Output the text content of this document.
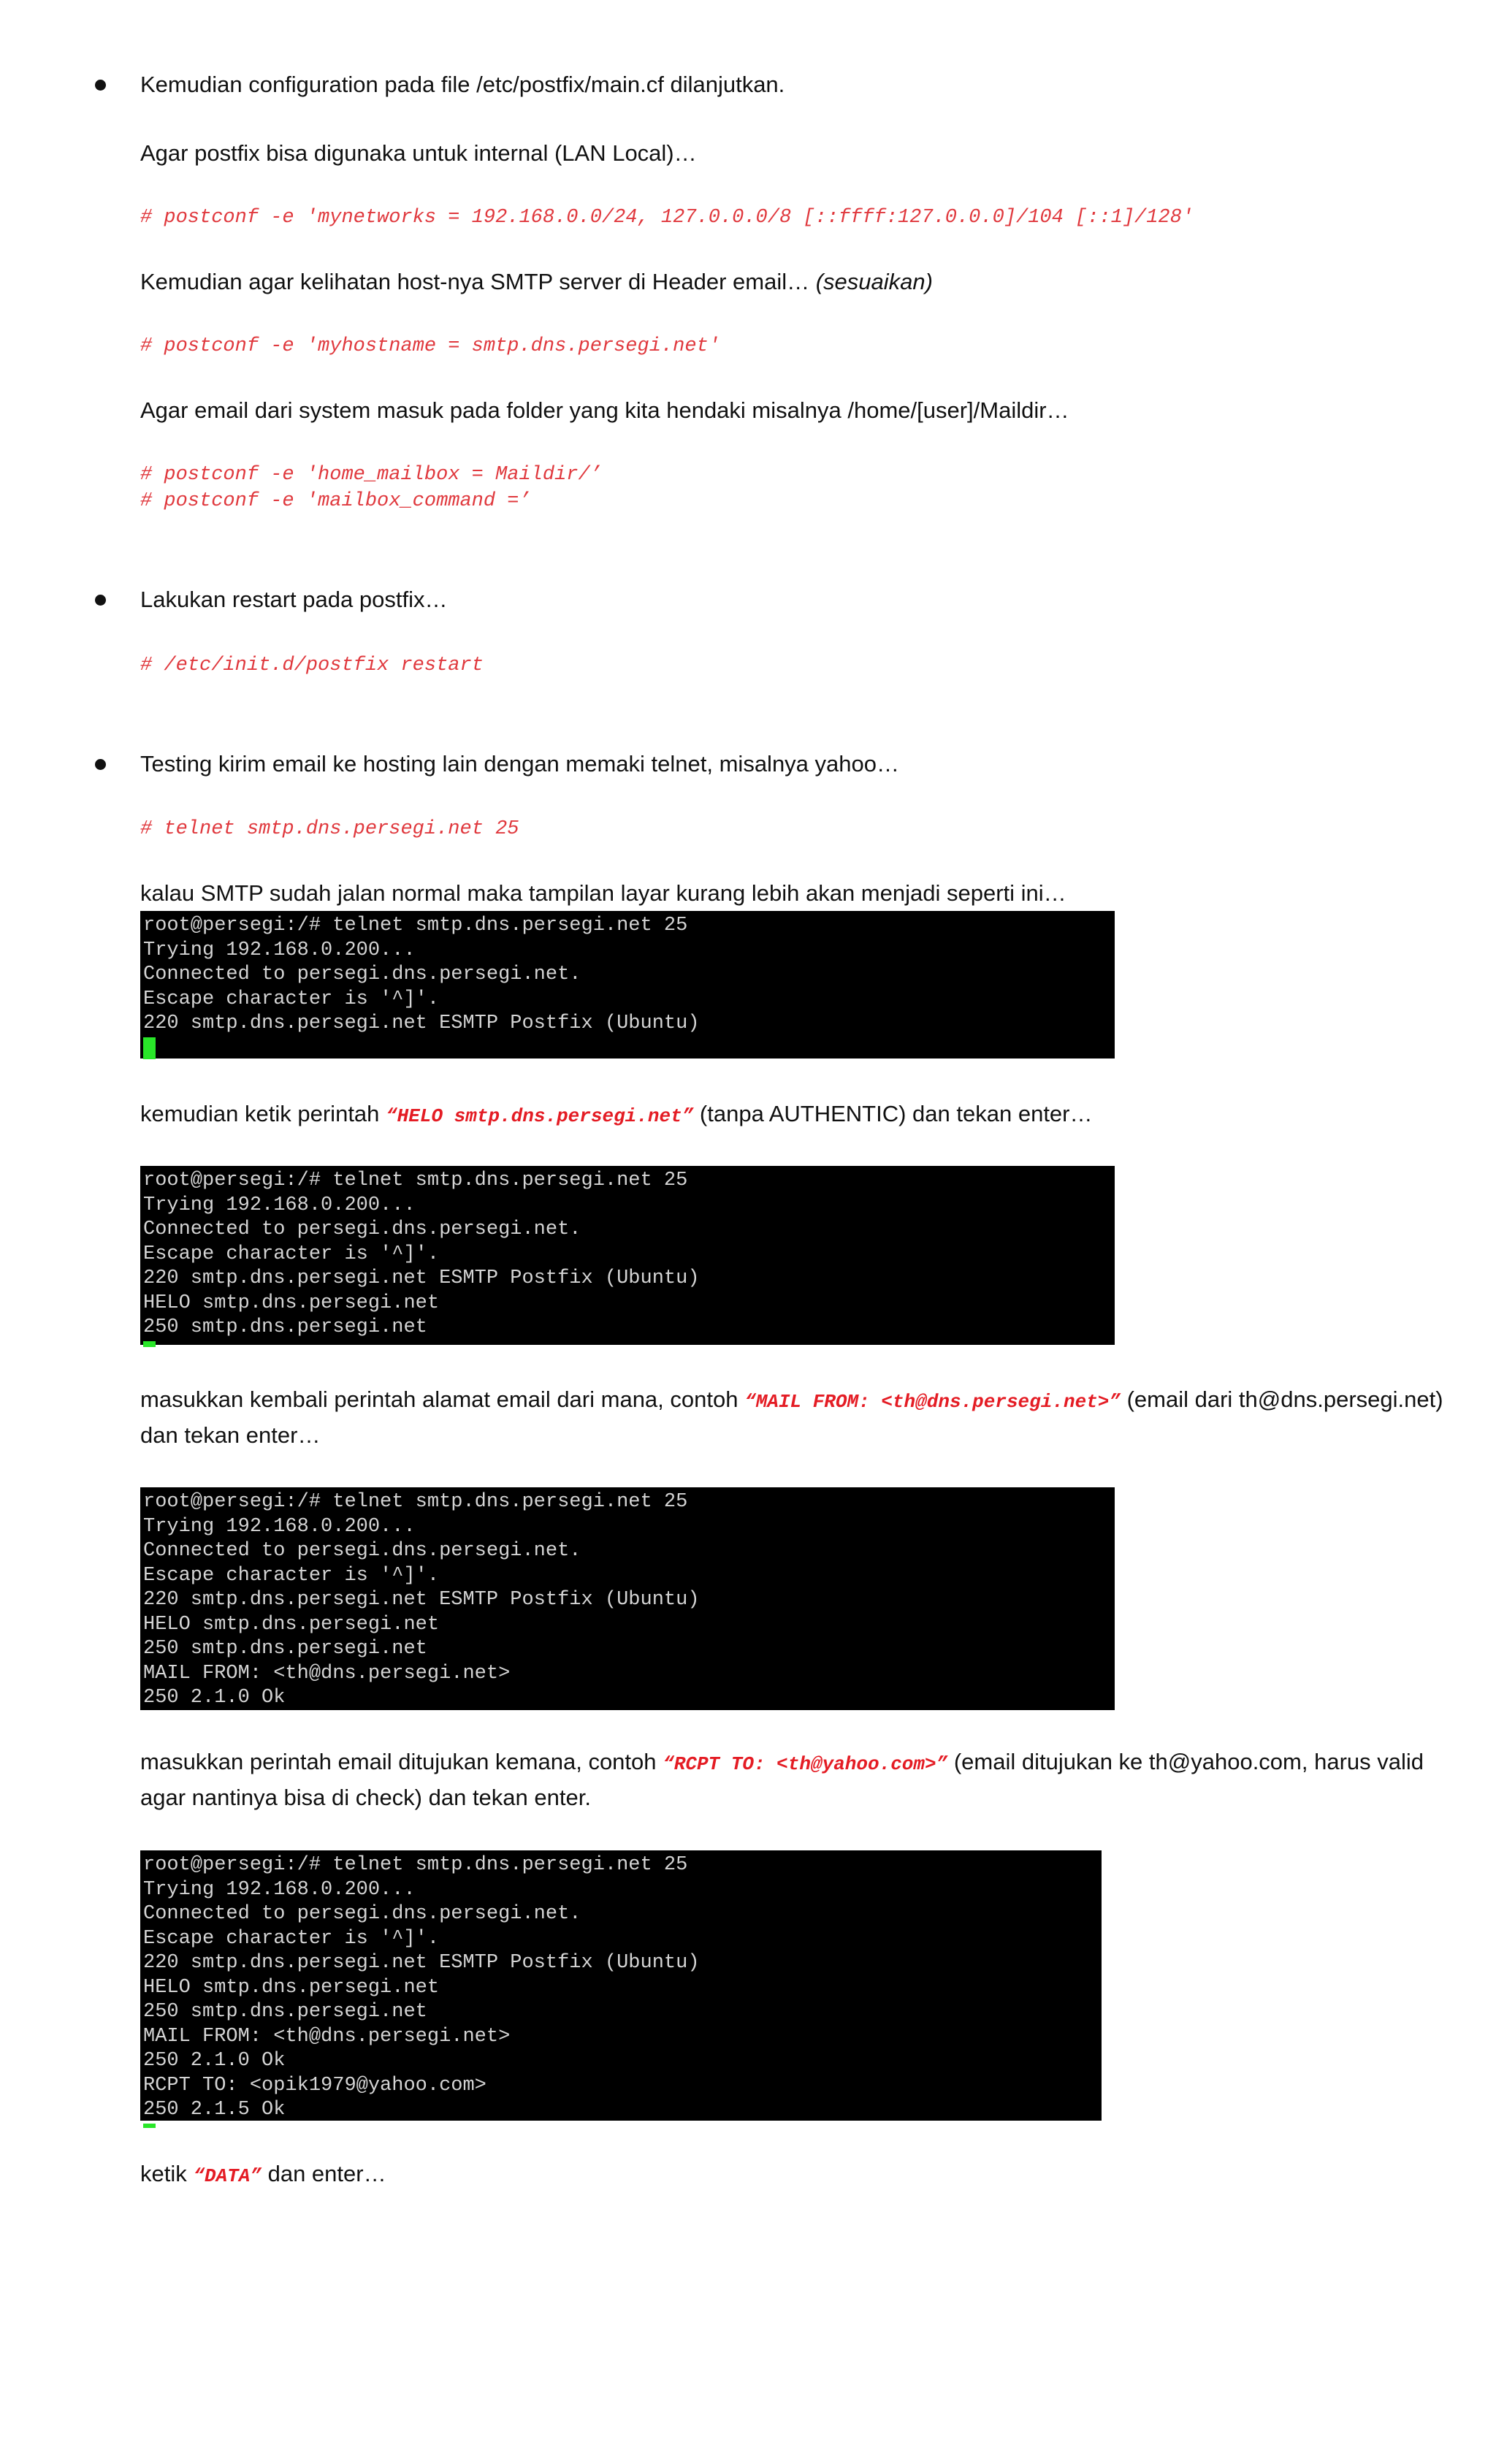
Kemudian configuration pada file /etc/postfix/main.cf dilanjutkan.

Agar postfix bisa digunaka untuk internal (LAN Local)…

# postconf -e 'mynetworks = 192.168.0.0/24, 127.0.0.0/8 [::ffff:127.0.0.0]/104 [::1]/128'

Kemudian agar kelihatan host-nya SMTP server di Header email… (sesuaikan)

# postconf -e 'myhostname = smtp.dns.persegi.net'

Agar email dari system masuk pada folder yang kita hendaki misalnya /home/[user]/Maildir…

# postconf -e 'home_mailbox = Maildir/’

# postconf -e 'mailbox_command =’

Lakukan restart pada postfix…

# /etc/init.d/postfix restart

Testing kirim email ke hosting lain dengan memaki telnet, misalnya yahoo…

# telnet smtp.dns.persegi.net 25

kalau SMTP sudah jalan normal maka tampilan layar kurang lebih akan menjadi seperti ini…

root@persegi:/# telnet smtp.dns.persegi.net 25
Trying 192.168.0.200...
Connected to persegi.dns.persegi.net.
Escape character is '^]'.
220 smtp.dns.persegi.net ESMTP Postfix (Ubuntu)

kemudian ketik perintah “HELO smtp.dns.persegi.net” (tanpa AUTHENTIC) dan tekan enter…

root@persegi:/# telnet smtp.dns.persegi.net 25
Trying 192.168.0.200...
Connected to persegi.dns.persegi.net.
Escape character is '^]'.
220 smtp.dns.persegi.net ESMTP Postfix (Ubuntu)
HELO smtp.dns.persegi.net
250 smtp.dns.persegi.net

masukkan kembali perintah alamat email dari mana, contoh “MAIL FROM: <th@dns.persegi.net>” (email dari th@dns.persegi.net) dan tekan enter…

root@persegi:/# telnet smtp.dns.persegi.net 25
Trying 192.168.0.200...
Connected to persegi.dns.persegi.net.
Escape character is '^]'.
220 smtp.dns.persegi.net ESMTP Postfix (Ubuntu)
HELO smtp.dns.persegi.net
250 smtp.dns.persegi.net
MAIL FROM: <th@dns.persegi.net>
250 2.1.0 Ok

masukkan perintah email ditujukan kemana, contoh “RCPT TO: <th@yahoo.com>” (email ditujukan ke th@yahoo.com, harus valid agar nantinya bisa di check) dan tekan enter.

root@persegi:/# telnet smtp.dns.persegi.net 25
Trying 192.168.0.200...
Connected to persegi.dns.persegi.net.
Escape character is '^]'.
220 smtp.dns.persegi.net ESMTP Postfix (Ubuntu)
HELO smtp.dns.persegi.net
250 smtp.dns.persegi.net
MAIL FROM: <th@dns.persegi.net>
250 2.1.0 Ok
RCPT TO: <opik1979@yahoo.com>
250 2.1.5 Ok

ketik “DATA” dan enter…
